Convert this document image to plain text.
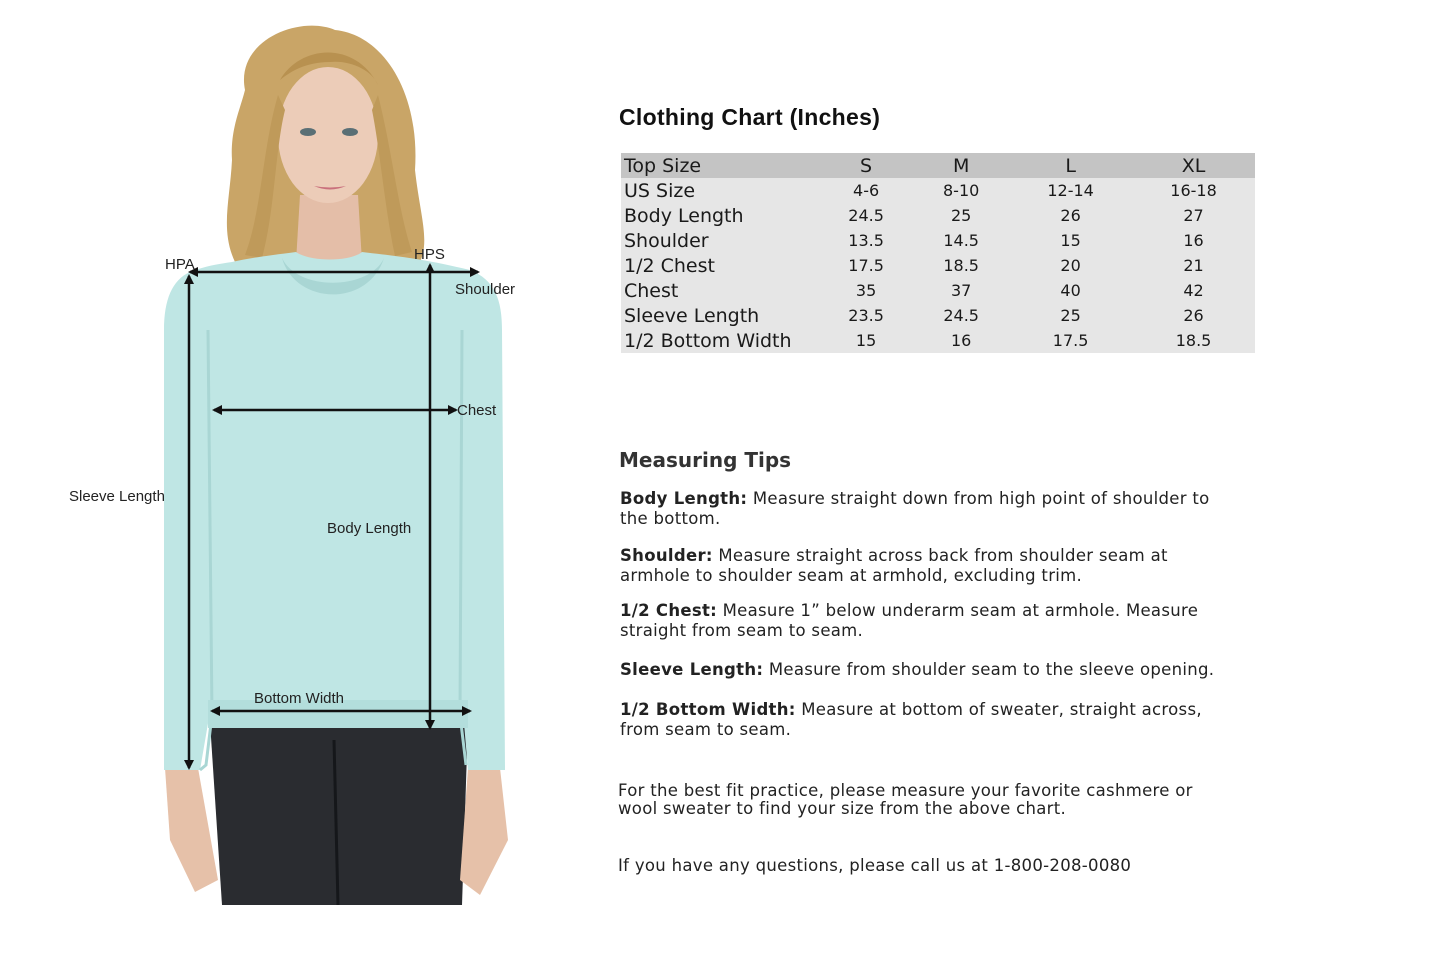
HPA
HPS
Shoulder
Chest
Sleeve Length
Body Length
Bottom Width
Clothing Chart (Inches)
Top Size	S	M	L	XL
US Size	4-6	8-10	12-14	16-18
Body Length	24.5	25	26	27
Shoulder	13.5	14.5	15	16
1/2 Chest	17.5	18.5	20	21
Chest	35	37	40	42
Sleeve Length	23.5	24.5	25	26
1/2 Bottom Width	15	16	17.5	18.5
Measuring Tips
Body Length: Measure straight down from high point of shoulder to the bottom.
Shoulder: Measure straight across back from shoulder seam at armhole to shoulder seam at armhold, excluding trim.
1/2 Chest: Measure 1” below underarm seam at armhole. Measure straight from seam to seam.
Sleeve Length: Measure from shoulder seam to the sleeve opening.
1/2 Bottom Width: Measure at bottom of sweater, straight across, from seam to seam.
For the best fit practice, please measure your favorite cashmere or wool sweater to find your size from the above chart.
If you have any questions, please call us at 1-800-208-0080
